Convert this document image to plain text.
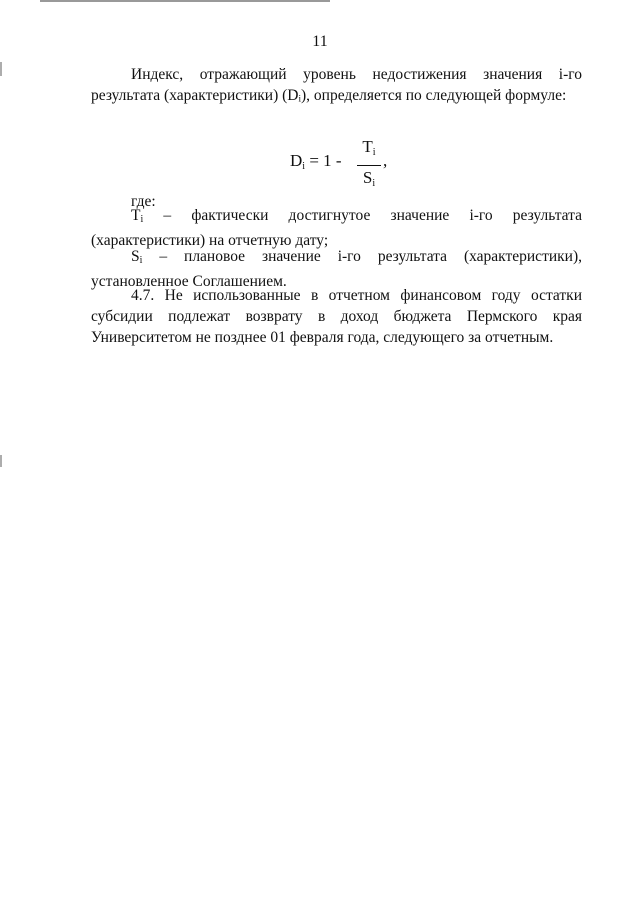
11

Индекс, отражающий уровень недостижения значения i-го результата (характеристики) (Dᵢ), определяется по следующей формуле:

$D_i = 1 - \frac{T_i}{S_i}$ ,

где:

Ti – фактически достигнутое значение i-го результата (характеристики) на отчетную дату;

Si – плановое значение i-го результата (характеристики), установленное Соглашением.

4.7. Не использованные в отчетном финансовом году остатки субсидии подлежат возврату в доход бюджета Пермского края Университетом не позднее 01 февраля года, следующего за отчетным.
